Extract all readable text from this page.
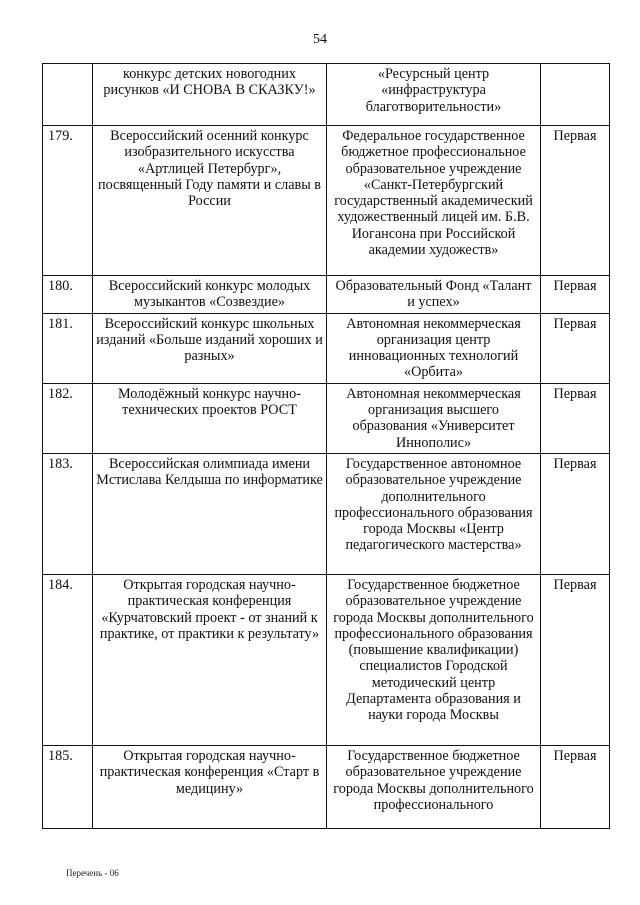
54
	конкурс детских новогодних рисунков «И СНОВА В СКАЗКУ!»	«Ресурсный центр «инфраструктура благотворительности»	
179.	Всероссийский осенний конкурс изобразительного искусства «Артлицей Петербург», посвященный Году памяти и славы в России	Федеральное государственное бюджетное профессиональное образовательное учреждение «Санкт-Петербургский государственный академический художественный лицей им. Б.В. Иогансона при Российской академии художеств»	Первая
180.	Всероссийский конкурс молодых музыкантов «Созвездие»	Образовательный Фонд «Талант и успех»	Первая
181.	Всероссийский конкурс школьных изданий «Больше изданий хороших и разных»	Автономная некоммерческая организация центр инновационных технологий «Орбита»	Первая
182.	Молодёжный конкурс научно-технических проектов РОСТ	Автономная некоммерческая организация высшего образования «Университет Иннополис»	Первая
183.	Всероссийская олимпиада имени Мстислава Келдыша по информатике	Государственное автономное образовательное учреждение дополнительного профессионального образования города Москвы «Центр педагогического мастерства»	Первая
184.	Открытая городская научно-практическая конференция «Курчатовский проект - от знаний к практике, от практики к результату»	Государственное бюджетное образовательное учреждение города Москвы дополнительного профессионального образования (повышение квалификации) специалистов Городской методический центр Департамента образования и науки города Москвы	Первая
185.	Открытая городская научно-практическая конференция «Старт в медицину»	Государственное бюджетное образовательное учреждение города Москвы дополнительного профессионального	Первая
Перечень - 06
